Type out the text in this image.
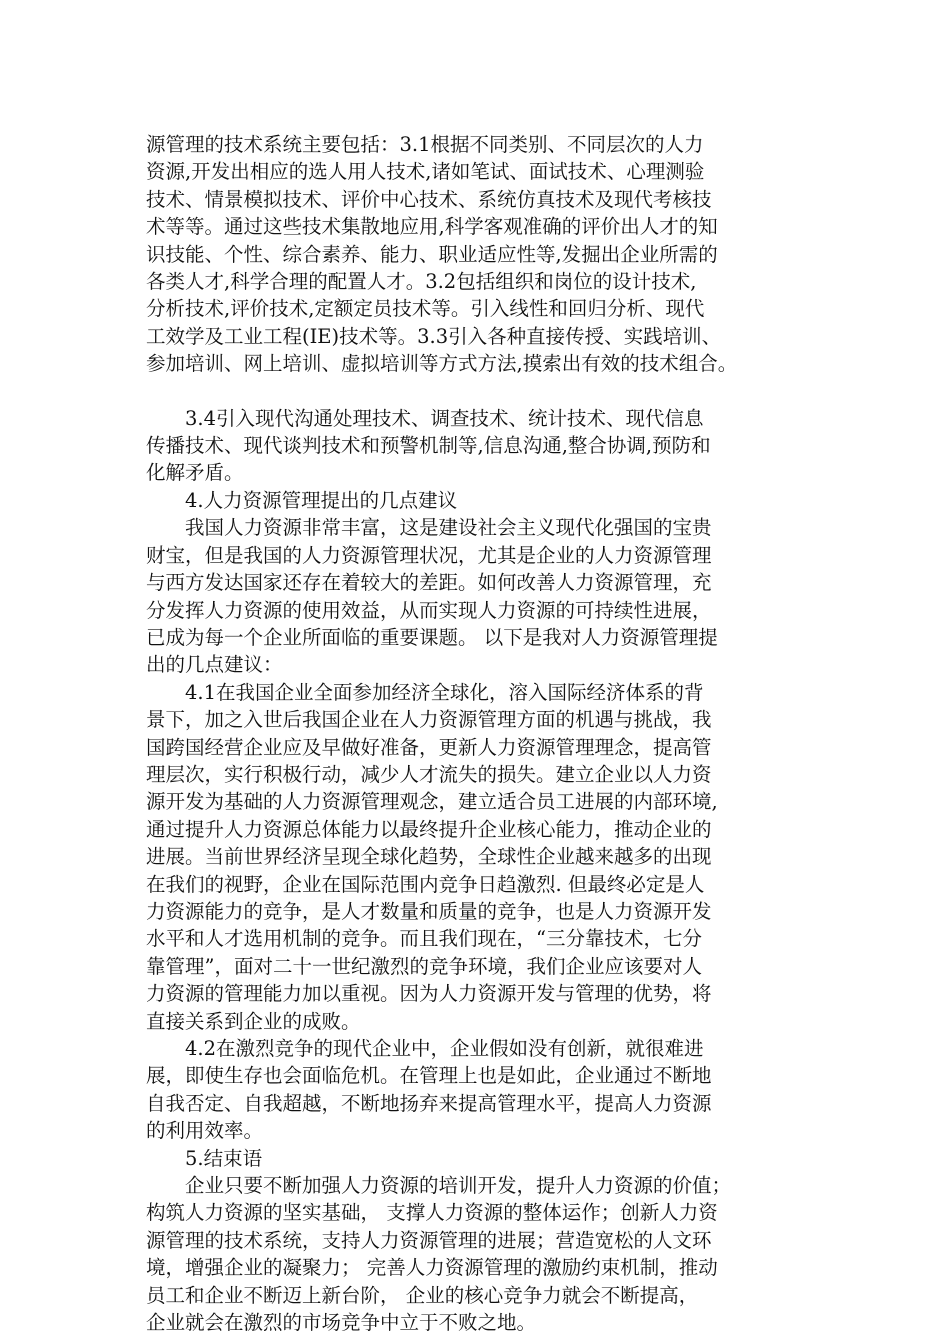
源管理的技术系统主要包括：3.1根据不同类别、不同层次的人力
资源,开发出相应的选人用人技术,诸如笔试、面试技术、心理测验
技术、情景模拟技术、评价中心技术、系统仿真技术及现代考核技
术等等。通过这些技术集散地应用,科学客观准确的评价出人才的知
识技能、个性、综合素养、能力、职业适应性等,发掘出企业所需的
各类人才,科学合理的配置人才。3.2包括组织和岗位的设计技术,
分析技术,评价技术,定额定员技术等。引入线性和回归分析、现代
工效学及工业工程(IE)技术等。3.3引入各种直接传授、实践培训、
参加培训、网上培训、虚拟培训等方式方法,摸索出有效的技术组合。

　　3.4引入现代沟通处理技术、调查技术、统计技术、现代信息
传播技术、现代谈判技术和预警机制等,信息沟通,整合协调,预防和
化解矛盾。

　　4.人力资源管理提出的几点建议

　　我国人力资源非常丰富，这是建设社会主义现代化强国的宝贵
财宝，但是我国的人力资源管理状况，尤其是企业的人力资源管理
与西方发达国家还存在着较大的差距。如何改善人力资源管理，充
分发挥人力资源的使用效益，从而实现人力资源的可持续性进展，
已成为每一个企业所面临的重要课题。 以下是我对人力资源管理提
出的几点建议：

　　4.1在我国企业全面参加经济全球化，溶入国际经济体系的背
景下，加之入世后我国企业在人力资源管理方面的机遇与挑战，我
国跨国经营企业应及早做好准备，更新人力资源管理理念，提高管
理层次，实行积极行动，减少人才流失的损失。建立企业以人力资
源开发为基础的人力资源管理观念，建立适合员工进展的内部环境,
通过提升人力资源总体能力以最终提升企业核心能力，推动企业的
进展。当前世界经济呈现全球化趋势，全球性企业越来越多的出现
在我们的视野，企业在国际范围内竞争日趋激烈. 但最终必定是人
力资源能力的竞争，是人才数量和质量的竞争，也是人力资源开发
水平和人才选用机制的竞争。而且我们现在，“三分靠技术，七分
靠管理”，面对二十一世纪激烈的竞争环境，我们企业应该要对人
力资源的管理能力加以重视。因为人力资源开发与管理的优势，将
直接关系到企业的成败。

　　4.2在激烈竞争的现代企业中，企业假如没有创新，就很难进
展，即使生存也会面临危机。在管理上也是如此，企业通过不断地
自我否定、自我超越，不断地扬弃来提高管理水平，提高人力资源
的利用效率。

　　5.结束语

　　企业只要不断加强人力资源的培训开发，提升人力资源的价值；
构筑人力资源的坚实基础， 支撑人力资源的整体运作；创新人力资
源管理的技术系统，支持人力资源管理的进展；营造宽松的人文环
境，增强企业的凝聚力； 完善人力资源管理的激励约束机制，推动
员工和企业不断迈上新台阶， 企业的核心竞争力就会不断提高，
企业就会在激烈的市场竞争中立于不败之地。
